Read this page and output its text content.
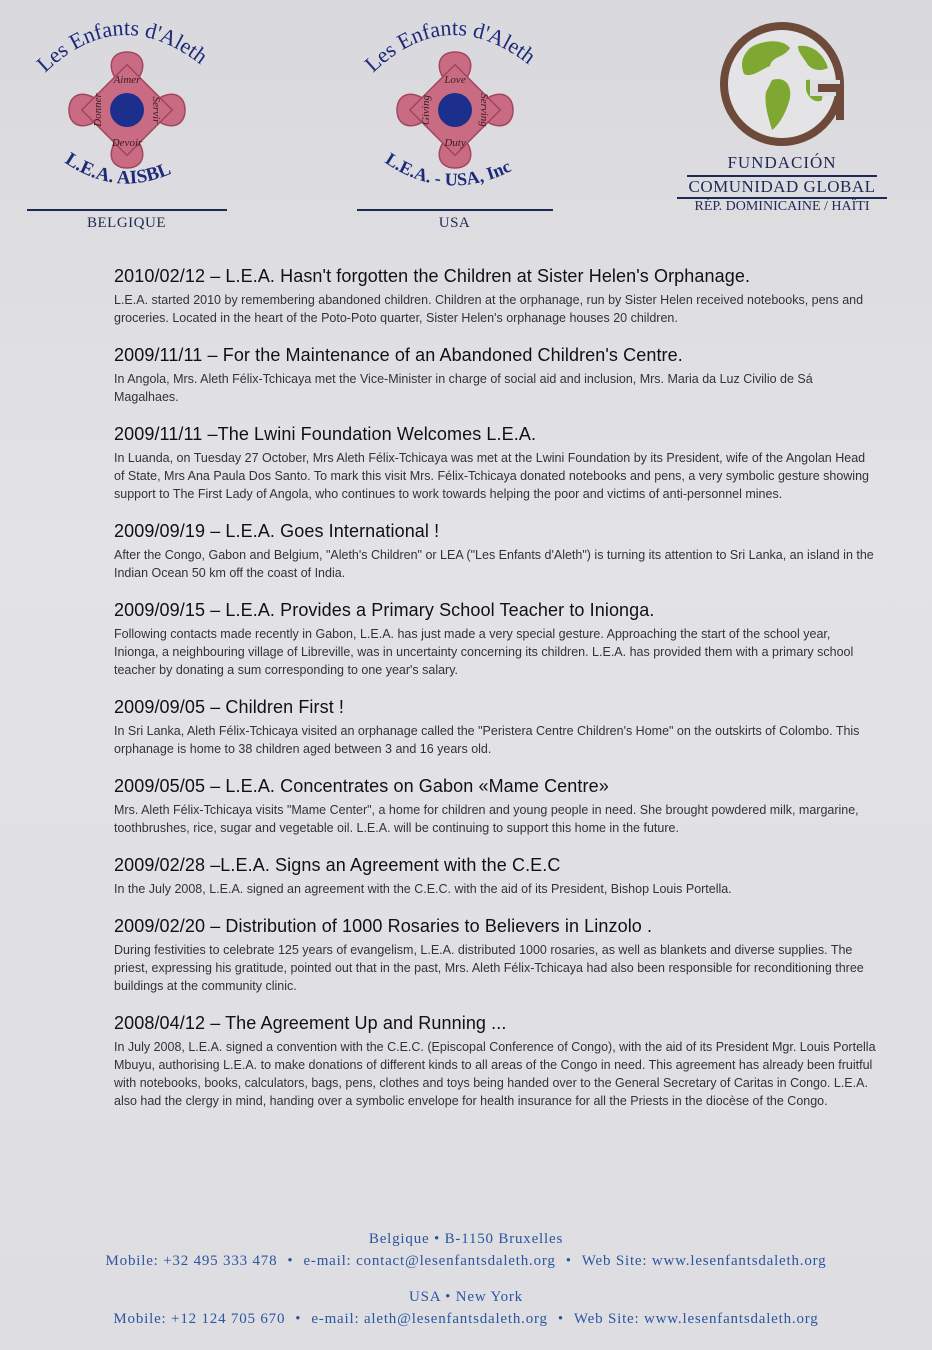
Les Enfants d'Aleth
Aimer
Servir
Devoir
Donner
L.E.A. AISBL
BELGIQUE
Les Enfants d'Aleth
Love
Serving
Duty
Giving
L.E.A. - USA, Inc
USA
FUNDACIÓN
COMUNIDAD GLOBAL
RÉP. DOMINICAINE / HAÏTI
2010/02/12 – L.E.A. Hasn't forgotten the Children at Sister Helen's Orphanage.

L.E.A. started 2010 by remembering abandoned children. Children at the orphanage, run by Sister Helen received notebooks, pens and groceries. Located in the heart of the Poto-Poto quarter, Sister Helen's orphanage houses 20 children.

2009/11/11 – For the Maintenance of an Abandoned Children's Centre.

In Angola, Mrs. Aleth Félix-Tchicaya met the Vice-Minister in charge of social aid and inclusion, Mrs. Maria da Luz Civilio de Sá Magalhaes.

2009/11/11 –The Lwini Foundation Welcomes L.E.A.

In Luanda, on Tuesday 27 October, Mrs Aleth Félix-Tchicaya was met at the Lwini Foundation by its President, wife of the Angolan Head of State, Mrs Ana Paula Dos Santo. To mark this visit Mrs. Félix-Tchicaya donated notebooks and pens, a very symbolic gesture showing support to The First Lady of Angola, who continues to work towards helping the poor and victims of anti-personnel mines.

2009/09/19 – L.E.A. Goes International !

After the Congo, Gabon and Belgium, "Aleth's Children" or LEA ("Les Enfants d'Aleth") is turning its attention to Sri Lanka, an island in the Indian Ocean 50 km off the coast of India.

2009/09/15 – L.E.A. Provides a Primary School Teacher to Inionga.

Following contacts made recently in Gabon, L.E.A. has just made a very special gesture. Approaching the start of the school year, Inionga, a neighbouring village of Libreville, was in uncertainty concerning its children. L.E.A. has provided them with a primary school teacher by donating a sum corresponding to one year's salary.

2009/09/05 – Children First !

In Sri Lanka, Aleth Félix-Tchicaya visited an orphanage called the "Peristera Centre Children's Home" on the outskirts of Colombo. This orphanage is home to 38 children aged between 3 and 16 years old.

2009/05/05 – L.E.A. Concentrates on Gabon «Mame Centre»

Mrs. Aleth Félix-Tchicaya visits "Mame Center", a home for children and young people in need. She brought powdered milk, margarine, toothbrushes, rice, sugar and vegetable oil. L.E.A. will be continuing to support this home in the future.

2009/02/28 –L.E.A. Signs an Agreement with the C.E.C

In the July 2008, L.E.A. signed an agreement with the C.E.C. with the aid of its President, Bishop Louis Portella.

2009/02/20 – Distribution of 1000 Rosaries to Believers in Linzolo .

During festivities to celebrate 125 years of evangelism, L.E.A. distributed 1000 rosaries, as well as blankets and diverse supplies. The priest, expressing his gratitude, pointed out that in the past, Mrs. Aleth Félix-Tchicaya had also been responsible for reconditioning three buildings at the community clinic.

2008/04/12 – The Agreement Up and Running ...

In July 2008, L.E.A. signed a convention with the C.E.C. (Episcopal Conference of Congo), with the aid of its President Mgr. Louis Portella Mbuyu, authorising L.E.A. to make donations of different kinds to all areas of the Congo in need. This agreement has already been fruitful with notebooks, books, calculators, bags, pens, clothes and toys being handed over to the General Secretary of Caritas in Congo. L.E.A. also had the clergy in mind, handing over a symbolic envelope for health insurance for all the Priests in the diocèse of the Congo.

Belgique • B-1150 Bruxelles

Mobile: +32 495 333 478 • e-mail: contact@lesenfantsdaleth.org • Web Site: www.lesenfantsdaleth.org

USA • New York

Mobile: +12 124 705 670 • e-mail: aleth@lesenfantsdaleth.org • Web Site: www.lesenfantsdaleth.org
